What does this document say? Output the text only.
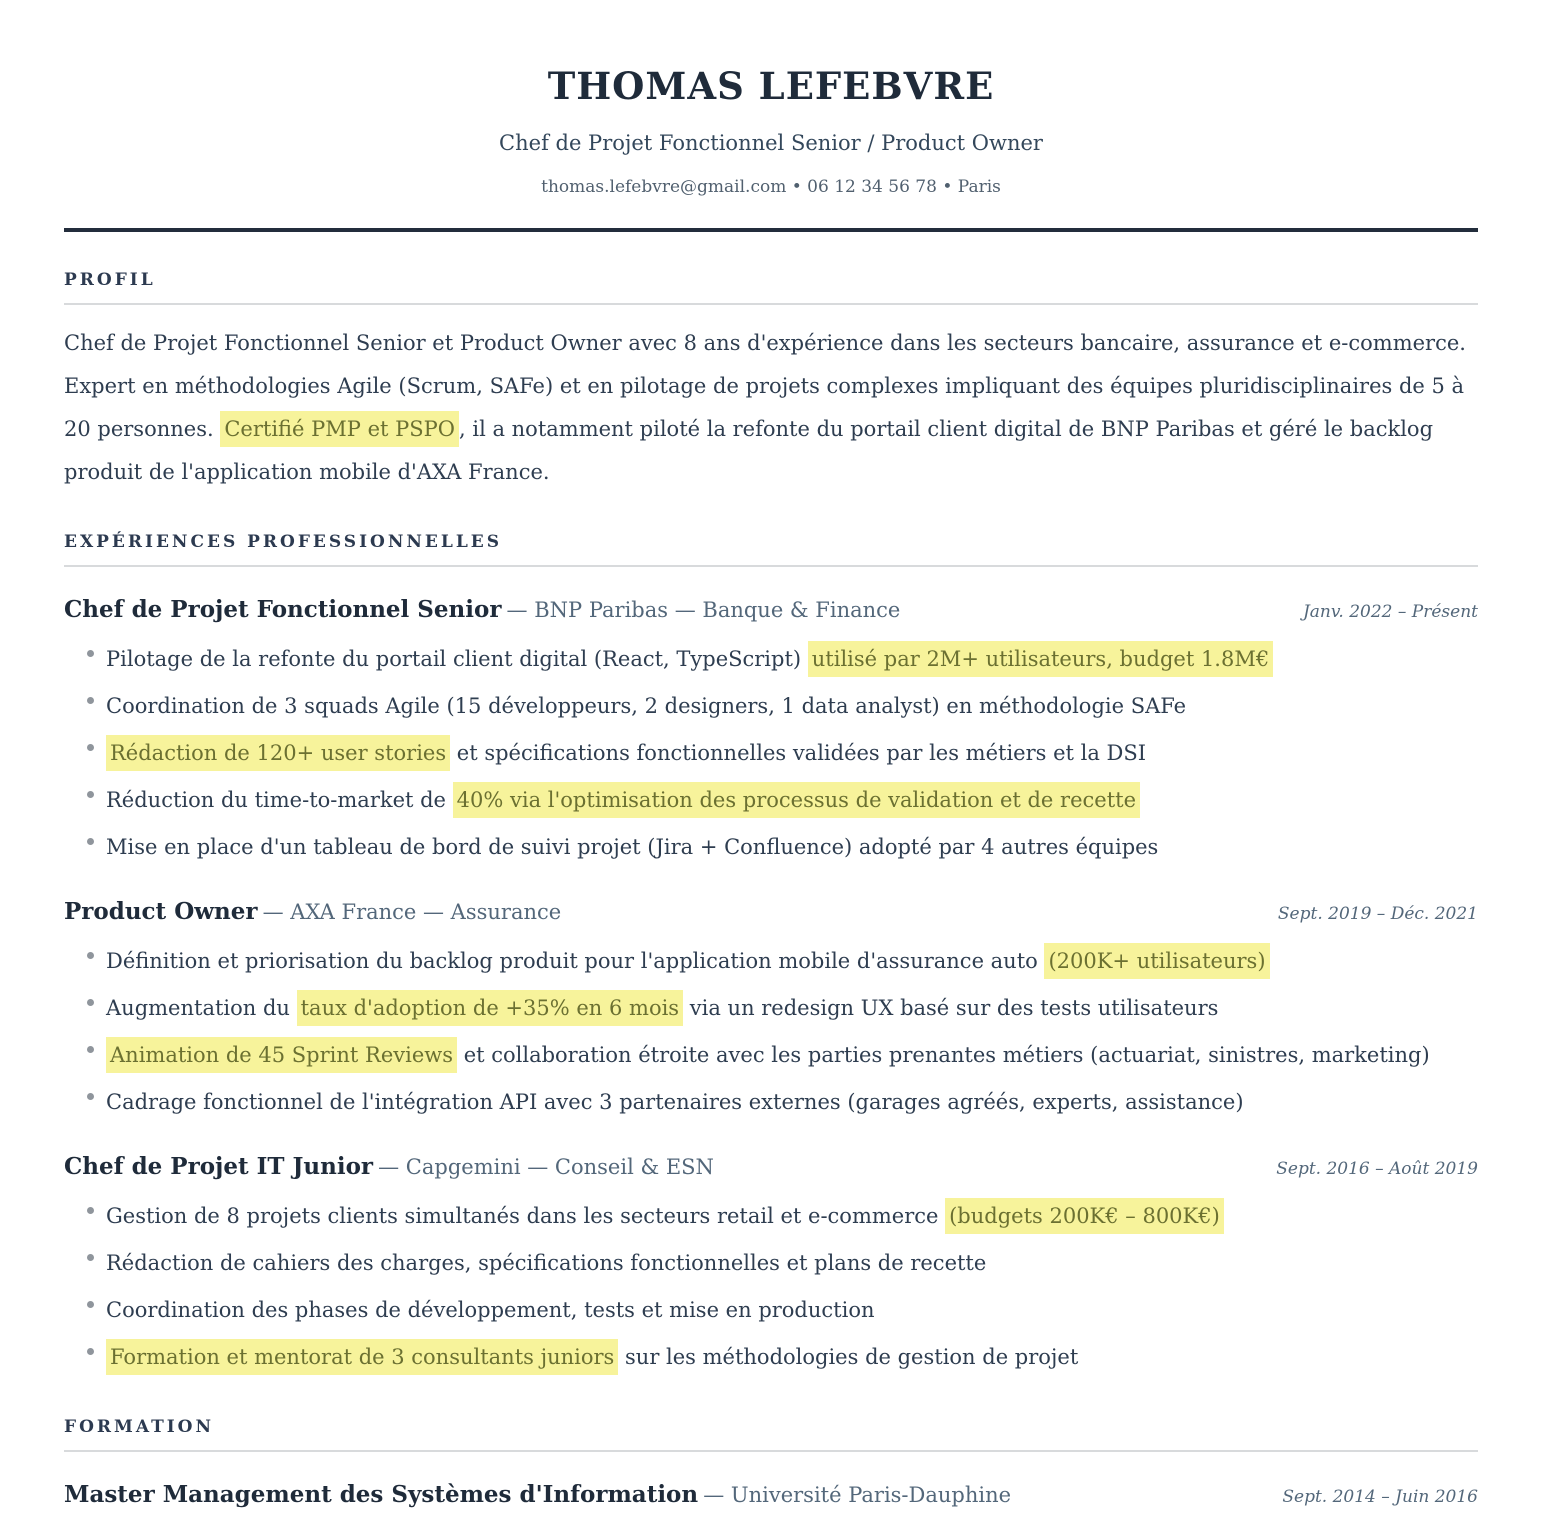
THOMAS LEFEBVRE
Chef de Projet Fonctionnel Senior / Product Owner
thomas.lefebvre@gmail.com • 06 12 34 56 78 • Paris
PROFIL

Chef de Projet Fonctionnel Senior et Product Owner avec 8 ans d'expérience dans les secteurs bancaire, assurance et e-commerce. Expert en méthodologies Agile (Scrum, SAFe) et en pilotage de projets complexes impliquant des équipes pluridisciplinaires de 5 à 20 personnes. Certifié PMP et PSPO , il a notamment piloté la refonte du portail client digital de BNP Paribas et géré le backlog produit de l'application mobile d'AXA France.

EXPÉRIENCES PROFESSIONNELLES
Chef de Projet Fonctionnel Senior — BNP Paribas — Banque & Finance	Janv. 2022 – Présent
Pilotage de la refonte du portail client digital (React, TypeScript) utilisé par 2M+ utilisateurs, budget 1.8M€
Coordination de 3 squads Agile (15 développeurs, 2 designers, 1 data analyst) en méthodologie SAFe
Rédaction de 120+ user stories et spécifications fonctionnelles validées par les métiers et la DSI
Réduction du time-to-market de 40% via l'optimisation des processus de validation et de recette
Mise en place d'un tableau de bord de suivi projet (Jira + Confluence) adopté par 4 autres équipes
Product Owner — AXA France — Assurance	Sept. 2019 – Déc. 2021
Définition et priorisation du backlog produit pour l'application mobile d'assurance auto (200K+ utilisateurs)
Augmentation du taux d'adoption de +35% en 6 mois via un redesign UX basé sur des tests utilisateurs
Animation de 45 Sprint Reviews et collaboration étroite avec les parties prenantes métiers (actuariat, sinistres, marketing)
Cadrage fonctionnel de l'intégration API avec 3 partenaires externes (garages agréés, experts, assistance)
Chef de Projet IT Junior — Capgemini — Conseil & ESN	Sept. 2016 – Août 2019
Gestion de 8 projets clients simultanés dans les secteurs retail et e-commerce (budgets 200K€ – 800K€)
Rédaction de cahiers des charges, spécifications fonctionnelles et plans de recette
Coordination des phases de développement, tests et mise en production
Formation et mentorat de 3 consultants juniors sur les méthodologies de gestion de projet
FORMATION
Master Management des Systèmes d'Information — Université Paris-Dauphine	Sept. 2014 – Juin 2016
